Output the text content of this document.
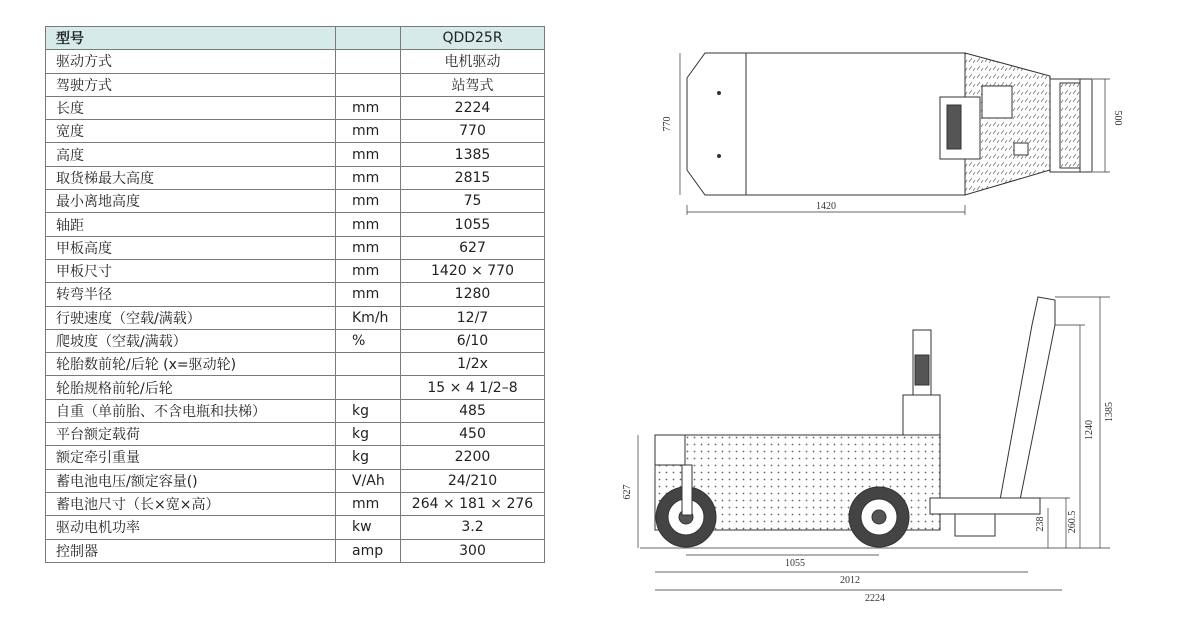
型号		QDD25R
驱动方式		电机驱动
驾驶方式		站驾式
长度	mm	2224
宽度	mm	770
高度	mm	1385
取货梯最大高度	mm	2815
最小离地高度	mm	75
轴距	mm	1055
甲板高度	mm	627
甲板尺寸	mm	1420 × 770
转弯半径	mm	1280
行驶速度（空载/满载）	Km/h	12/7
爬坡度（空载/满载）	%	6/10
轮胎数前轮/后轮 (x=驱动轮)		1/2x
轮胎规格前轮/后轮		15 × 4 1/2–8
自重（单前胎、不含电瓶和扶梯）	kg	485
平台额定载荷	kg	450
额定牵引重量	kg	2200
蓄电池电压/额定容量()	V/Ah	24/210
蓄电池尺寸（长×宽×高）	mm	264 × 181 × 276
驱动电机功率	kw	3.2
控制器	amp	300
770
1420
500
627
1055
2012
2224
1385
1240
238 260.5
